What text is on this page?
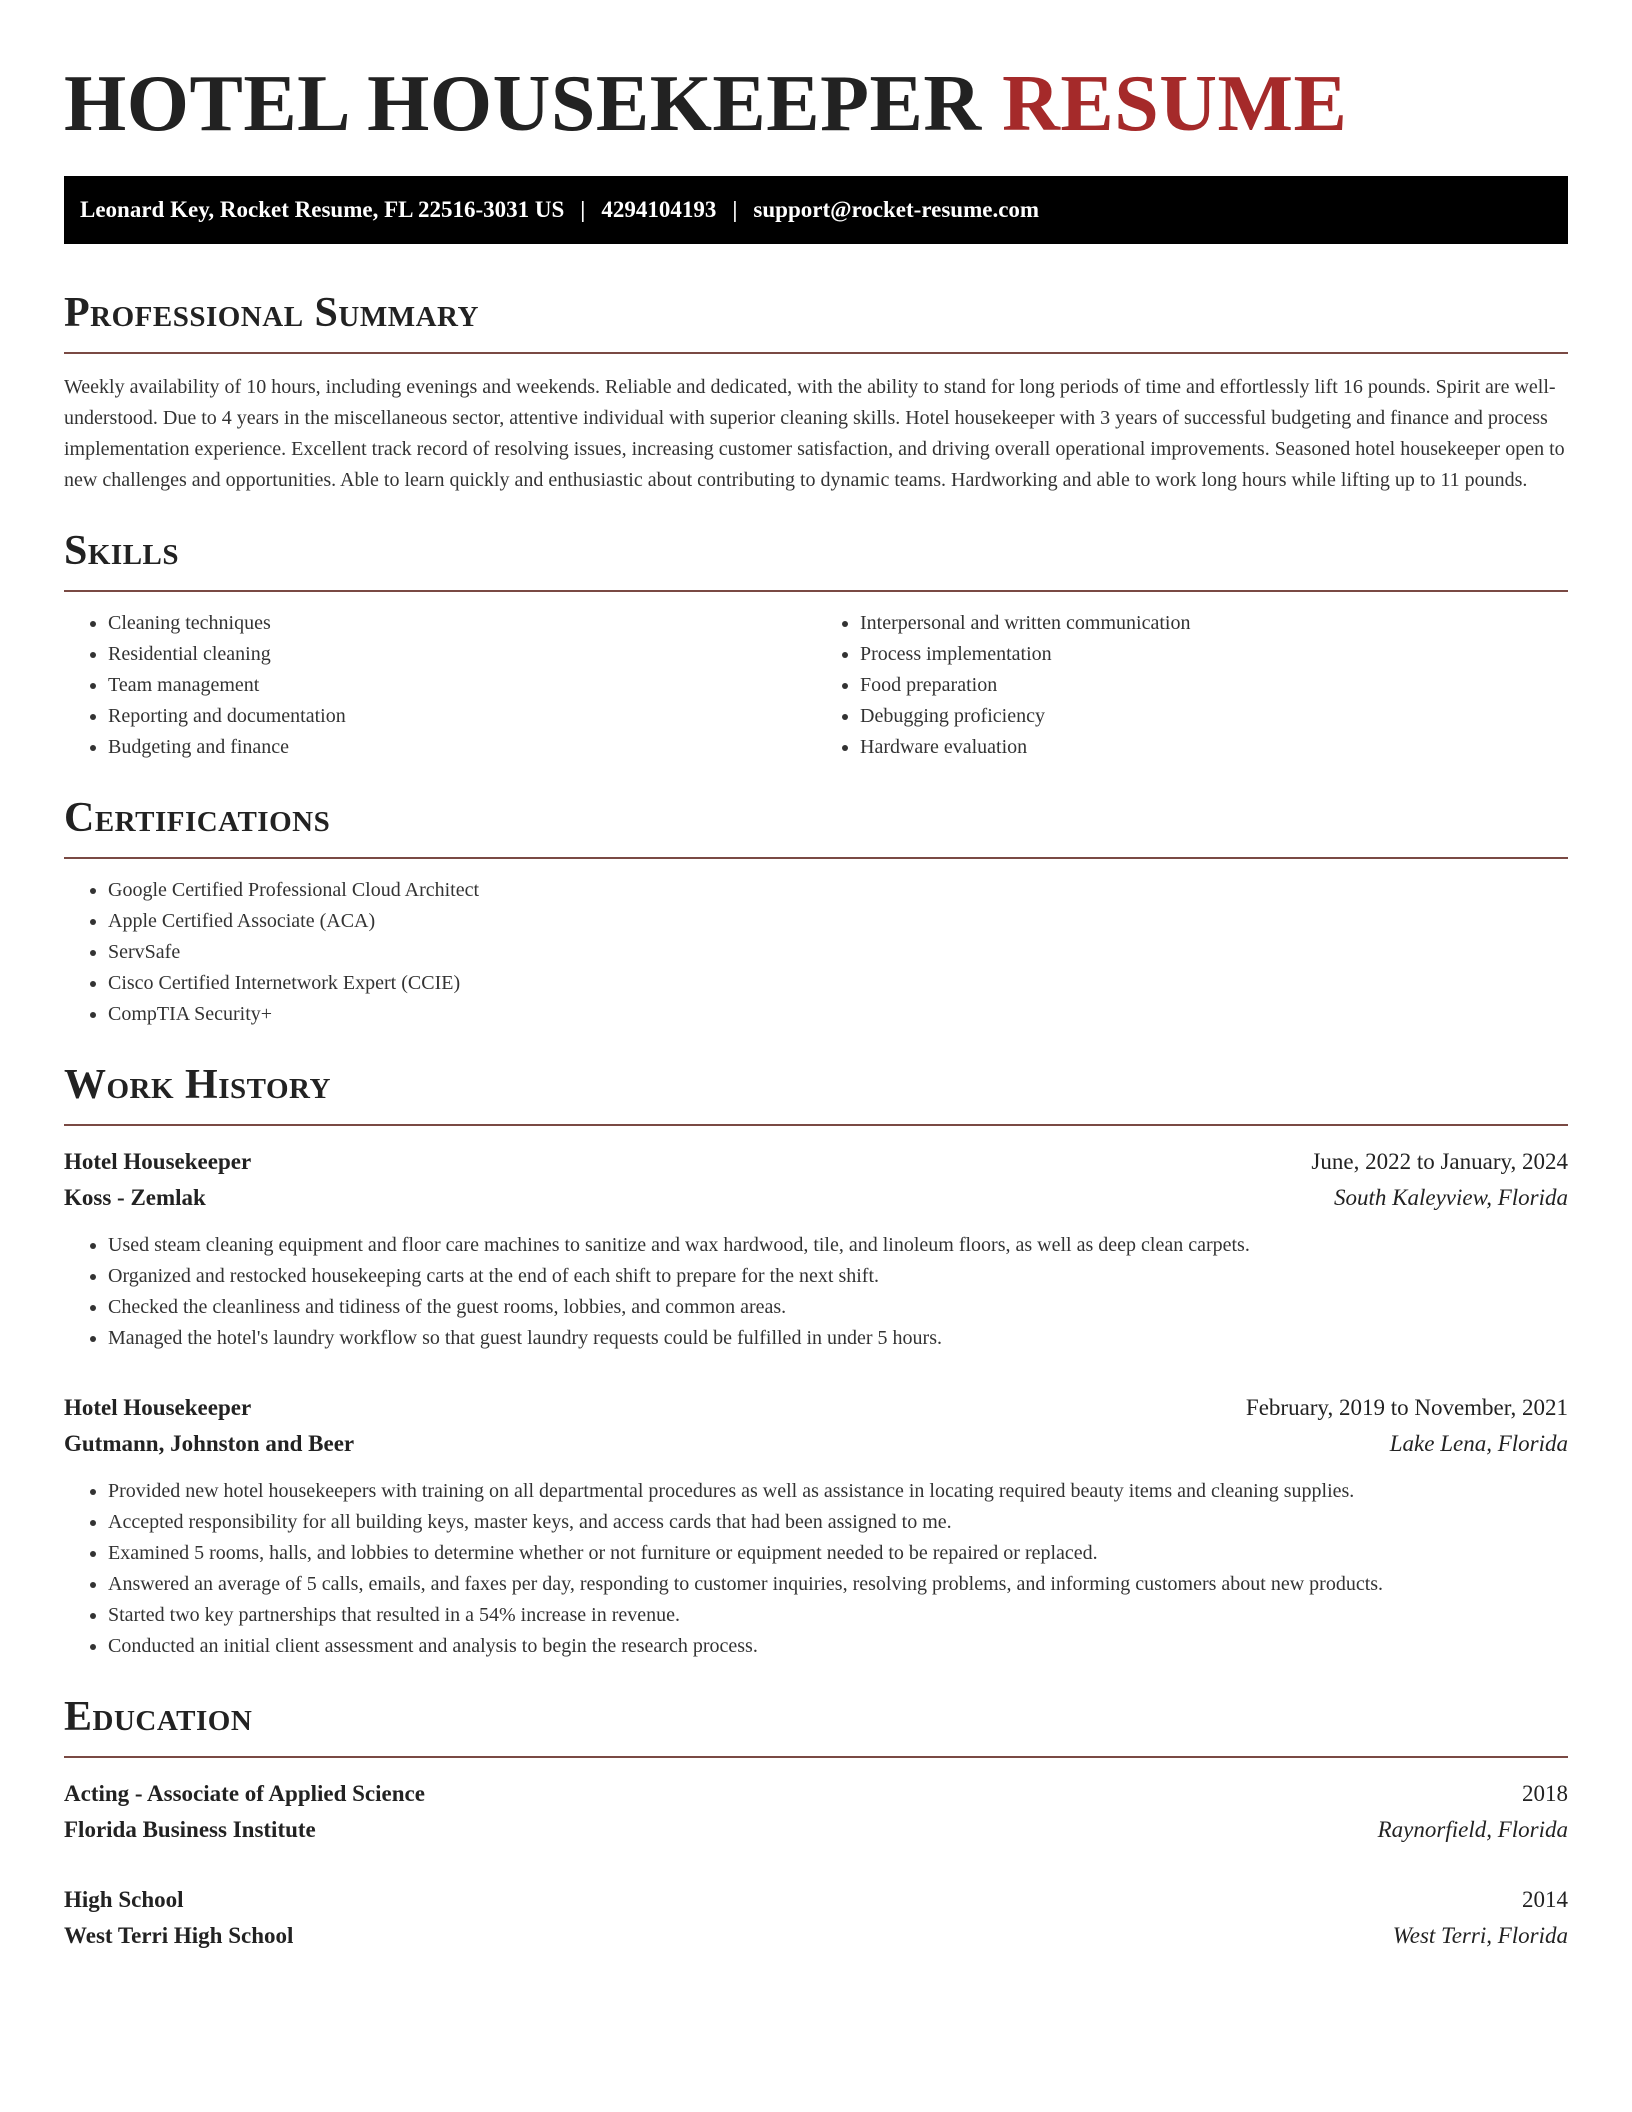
HOTEL HOUSEKEEPER RESUME
Leonard Key, Rocket Resume, FL 22516-3031 US | 4294104193 | support@rocket-resume.com
Professional Summary

Weekly availability of 10 hours, including evenings and weekends. Reliable and dedicated, with the ability to stand for long periods of time and effortlessly lift 16 pounds. Spirit are well-understood. Due to 4 years in the miscellaneous sector, attentive individual with superior cleaning skills. Hotel housekeeper with 3 years of successful budgeting and finance and process implementation experience. Excellent track record of resolving issues, increasing customer satisfaction, and driving overall operational improvements. Seasoned hotel housekeeper open to new challenges and opportunities. Able to learn quickly and enthusiastic about contributing to dynamic teams. Hardworking and able to work long hours while lifting up to 11 pounds.

Skills
• Cleaning techniques
• Residential cleaning
• Team management
• Reporting and documentation
• Budgeting and finance
• Interpersonal and written communication
• Process implementation
• Food preparation
• Debugging proficiency
• Hardware evaluation
Certifications
• Google Certified Professional Cloud Architect
• Apple Certified Associate (ACA)
• ServSafe
• Cisco Certified Internetwork Expert (CCIE)
• CompTIA Security+
Work History
Hotel Housekeeper	June, 2022 to January, 2024
Koss - Zemlak	South Kaleyview, Florida
• Used steam cleaning equipment and floor care machines to sanitize and wax hardwood, tile, and linoleum floors, as well as deep clean carpets.
• Organized and restocked housekeeping carts at the end of each shift to prepare for the next shift.
• Checked the cleanliness and tidiness of the guest rooms, lobbies, and common areas.
• Managed the hotel's laundry workflow so that guest laundry requests could be fulfilled in under 5 hours.
Hotel Housekeeper	February, 2019 to November, 2021
Gutmann, Johnston and Beer	Lake Lena, Florida
• Provided new hotel housekeepers with training on all departmental procedures as well as assistance in locating required beauty items and cleaning supplies.
• Accepted responsibility for all building keys, master keys, and access cards that had been assigned to me.
• Examined 5 rooms, halls, and lobbies to determine whether or not furniture or equipment needed to be repaired or replaced.
• Answered an average of 5 calls, emails, and faxes per day, responding to customer inquiries, resolving problems, and informing customers about new products.
• Started two key partnerships that resulted in a 54% increase in revenue.
• Conducted an initial client assessment and analysis to begin the research process.
Education
Acting - Associate of Applied Science	2018
Florida Business Institute	Raynorfield, Florida
High School	2014
West Terri High School	West Terri, Florida
